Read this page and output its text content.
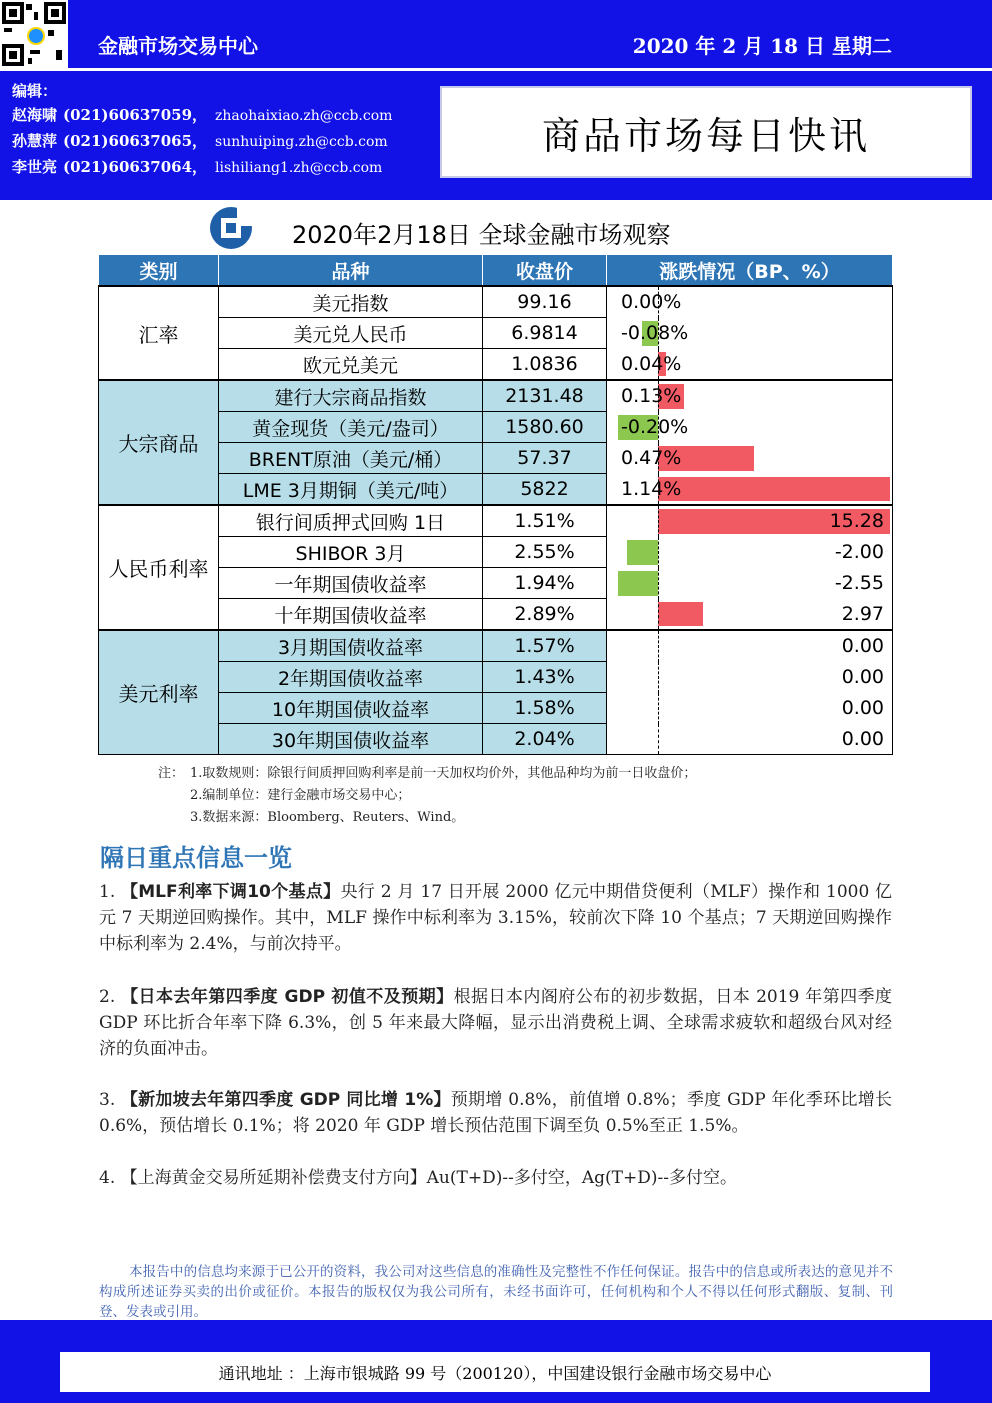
金融市场交易中心	2020 年 2 月 18 日 星期二
编辑：
赵海啸 (021)60637059， zhaohaixiao.zh@ccb.com
孙慧萍 (021)60637065， sunhuiping.zh@ccb.com
李世亮 (021)60637064， lishiliang1.zh@ccb.com
商品市场每日快讯
2020年2月18日 全球金融市场观察
类别	品种	收盘价	涨跌情况（BP、%）
汇率	美元指数	99.16	0.00%

	美元兑人民币	6.9814	-0.08%

	欧元兑美元	1.0836	0.04%

大宗商品	建行大宗商品指数	2131.48	0.13%

	黄金现货（美元/盎司）	1580.60	-0.20%

	BRENT原油（美元/桶）	57.37	0.47%

	LME 3月期铜（美元/吨）	5822	1.14%

人民币利率	银行间质押式回购 1日	1.51%	15.28

	SHIBOR 3月	2.55%	-2.00

	一年期国债收益率	1.94%	-2.55

	十年期国债收益率	2.89%	2.97

美元利率	3月期国债收益率	1.57%	0.00

	2年期国债收益率	1.43%	0.00

	10年期国债收益率	1.58%	0.00

	30年期国债收益率	2.04%	0.00
注： 1.取数规则：除银行间质押回购利率是前一天加权均价外，其他品种均为前一日收盘价；
2.编制单位：建行金融市场交易中心；
3.数据来源：Bloomberg、Reuters、Wind。
隔日重点信息一览
1. 【MLF利率下调10个基点】央行 2 月 17 日开展 2000 亿元中期借贷便利（MLF）操作和 1000 亿元 7 天期逆回购操作。其中，MLF 操作中标利率为 3.15%，较前次下降 10 个基点；7 天期逆回购操作中标利率为 2.4%，与前次持平。
2. 【日本去年第四季度 GDP 初值不及预期】根据日本内阁府公布的初步数据，日本 2019 年第四季度 GDP 环比折合年率下降 6.3%，创 5 年来最大降幅，显示出消费税上调、全球需求疲软和超级台风对经济的负面冲击。
3. 【新加坡去年第四季度 GDP 同比增 1%】预期增 0.8%，前值增 0.8%；季度 GDP 年化季环比增长 0.6%，预估增长 0.1%；将 2020 年 GDP 增长预估范围下调至负 0.5%至正 1.5%。
4. 【上海黄金交易所延期补偿费支付方向】Au(T+D)--多付空，Ag(T+D)--多付空。
本报告中的信息均来源于已公开的资料，我公司对这些信息的准确性及完整性不作任何保证。报告中的信息或所表达的意见并不构成所述证券买卖的出价或征价。本报告的版权仅为我公司所有，未经书面许可，任何机构和个人不得以任何形式翻版、复制、刊登、发表或引用。
通讯地址 ：上海市银城路 99 号（200120），中国建设银行金融市场交易中心
